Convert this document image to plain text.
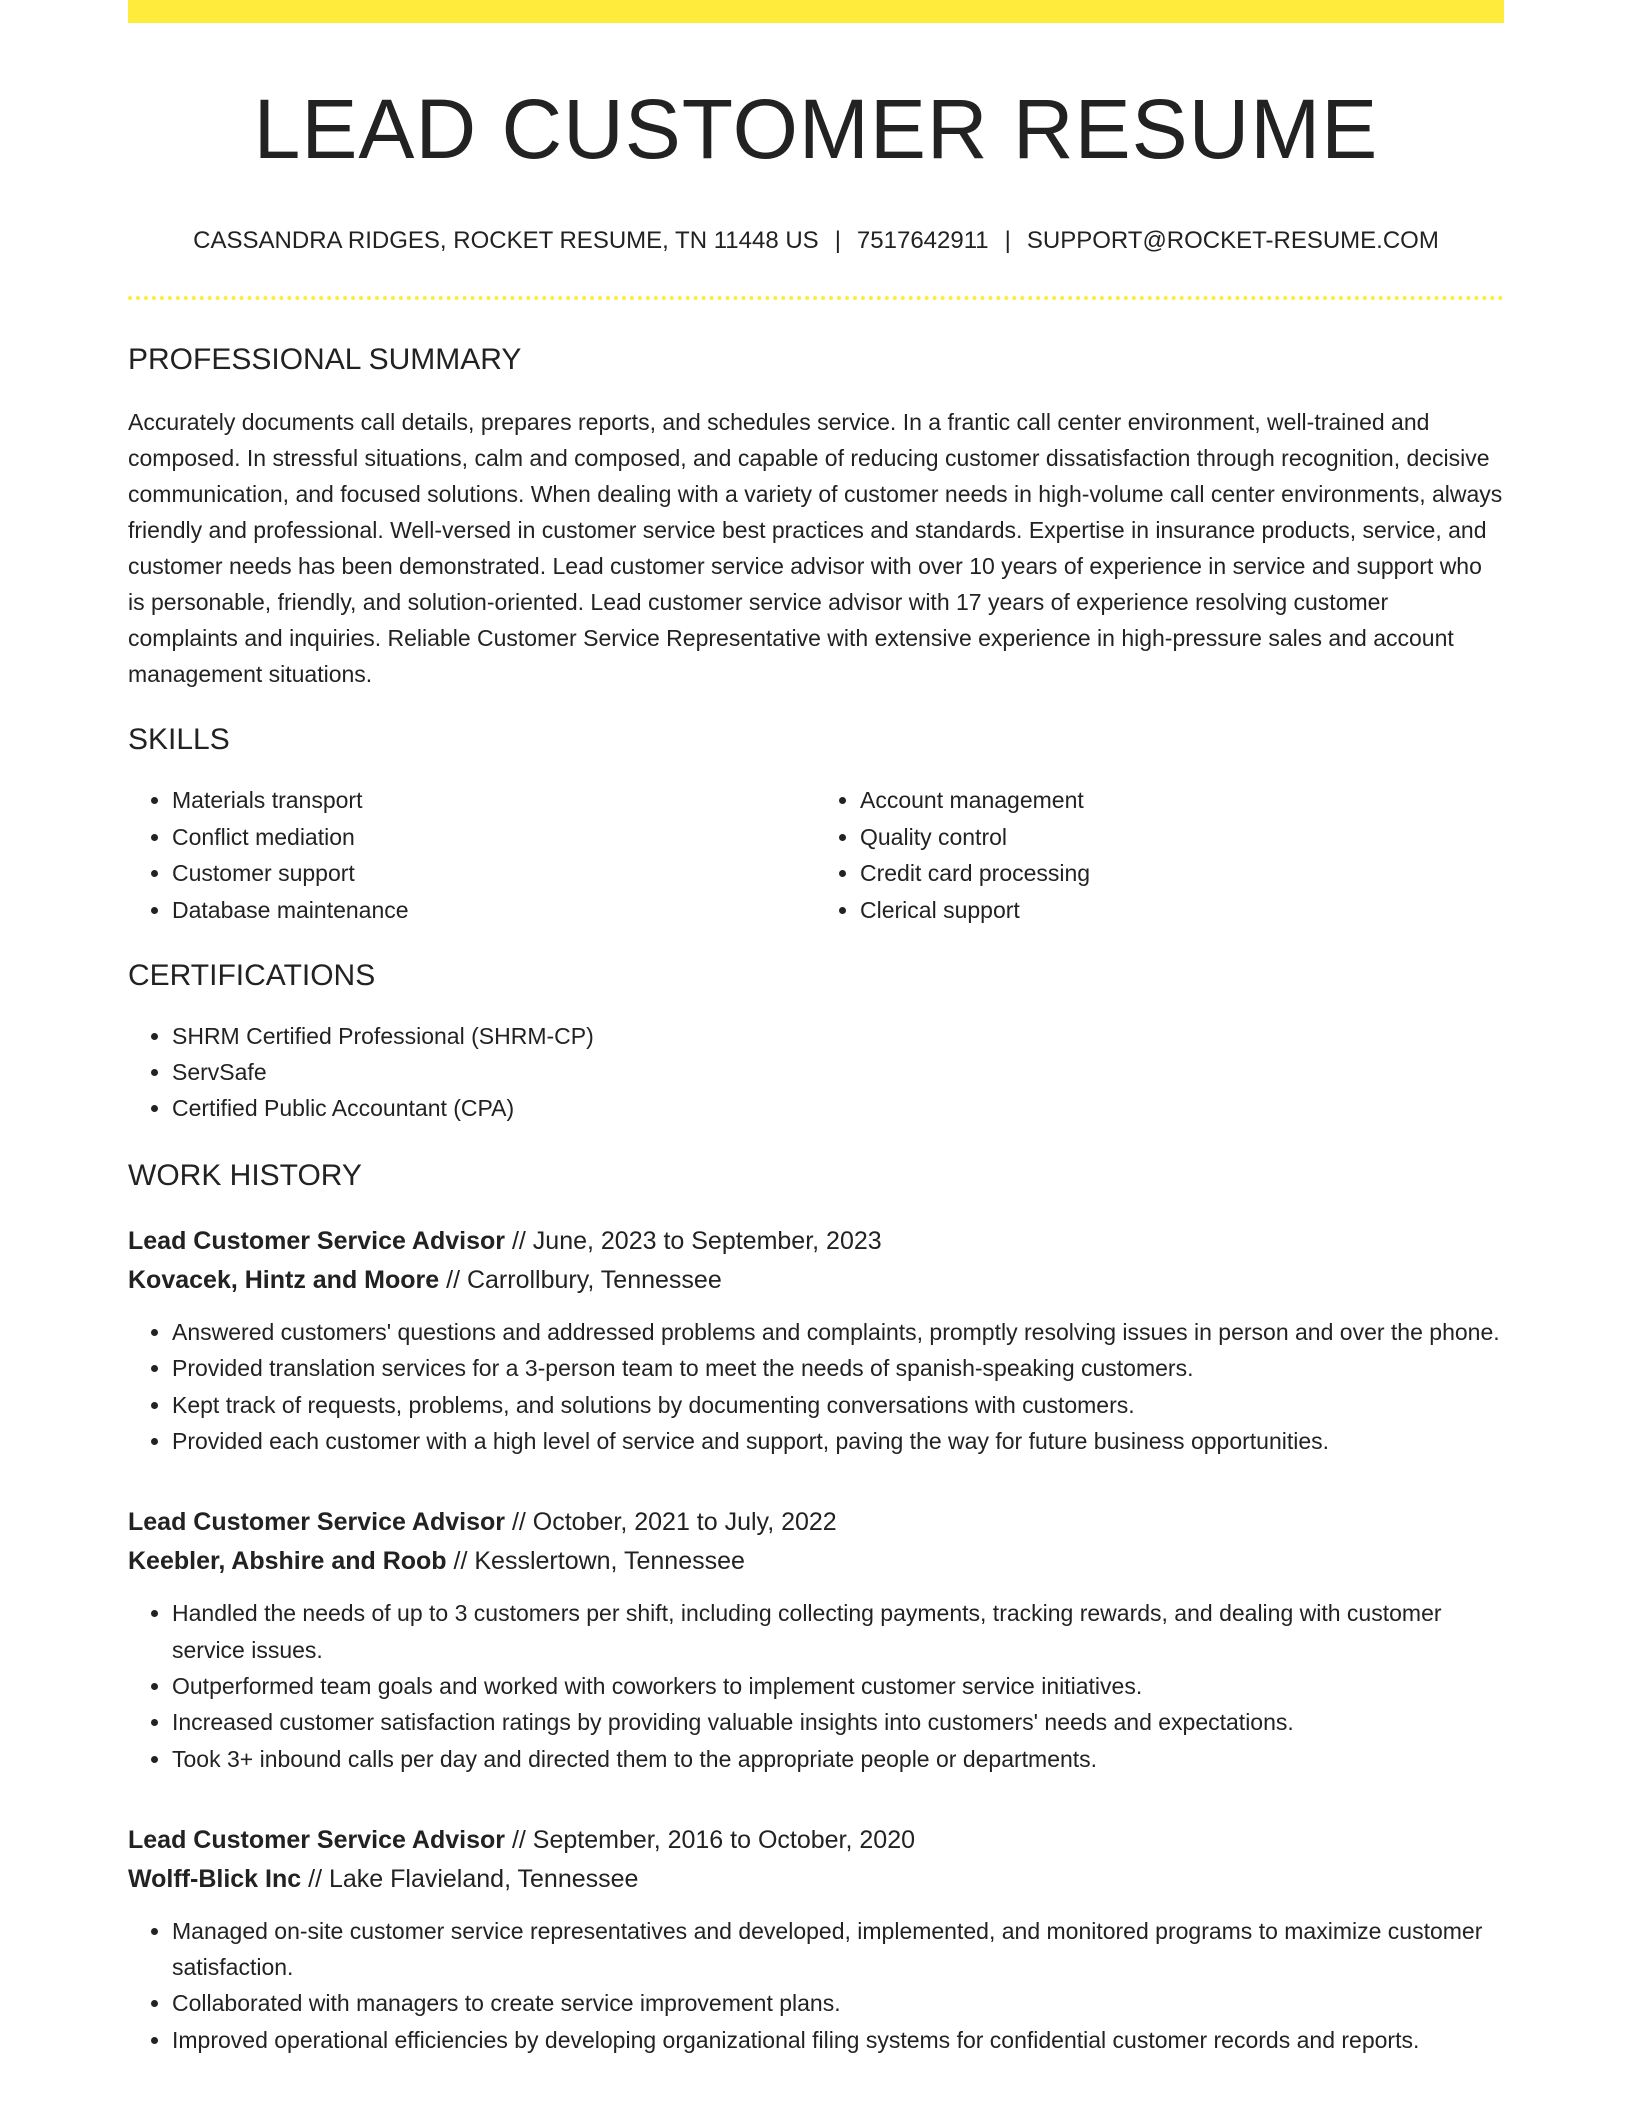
LEAD CUSTOMER RESUME
CASSANDRA RIDGES, ROCKET RESUME, TN 11448 US | 7517642911 | SUPPORT@ROCKET-RESUME.COM
PROFESSIONAL SUMMARY

Accurately documents call details, prepares reports, and schedules service. In a frantic call center environment, well-trained and composed. In stressful situations, calm and composed, and capable of reducing customer dissatisfaction through recognition, decisive communication, and focused solutions. When dealing with a variety of customer needs in high-volume call center environments, always friendly and professional. Well-versed in customer service best practices and standards. Expertise in insurance products, service, and customer needs has been demonstrated. Lead customer service advisor with over 10 years of experience in service and support who is personable, friendly, and solution-oriented. Lead customer service advisor with 17 years of experience resolving customer complaints and inquiries. Reliable Customer Service Representative with extensive experience in high-pressure sales and account management situations.

SKILLS
• Materials transport
• Conflict mediation
• Customer support
• Database maintenance
• Account management
• Quality control
• Credit card processing
• Clerical support
CERTIFICATIONS
• SHRM Certified Professional (SHRM-CP)
• ServSafe
• Certified Public Accountant (CPA)
WORK HISTORY
Lead Customer Service Advisor // June, 2023 to September, 2023
Kovacek, Hintz and Moore // Carrollbury, Tennessee
• Answered customers' questions and addressed problems and complaints, promptly resolving issues in person and over the phone.
• Provided translation services for a 3-person team to meet the needs of spanish-speaking customers.
• Kept track of requests, problems, and solutions by documenting conversations with customers.
• Provided each customer with a high level of service and support, paving the way for future business opportunities.
Lead Customer Service Advisor // October, 2021 to July, 2022
Keebler, Abshire and Roob // Kesslertown, Tennessee
• Handled the needs of up to 3 customers per shift, including collecting payments, tracking rewards, and dealing with customer service issues.
• Outperformed team goals and worked with coworkers to implement customer service initiatives.
• Increased customer satisfaction ratings by providing valuable insights into customers' needs and expectations.
• Took 3+ inbound calls per day and directed them to the appropriate people or departments.
Lead Customer Service Advisor // September, 2016 to October, 2020
Wolff-Blick Inc // Lake Flavieland, Tennessee
• Managed on-site customer service representatives and developed, implemented, and monitored programs to maximize customer satisfaction.
• Collaborated with managers to create service improvement plans.
• Improved operational efficiencies by developing organizational filing systems for confidential customer records and reports.
